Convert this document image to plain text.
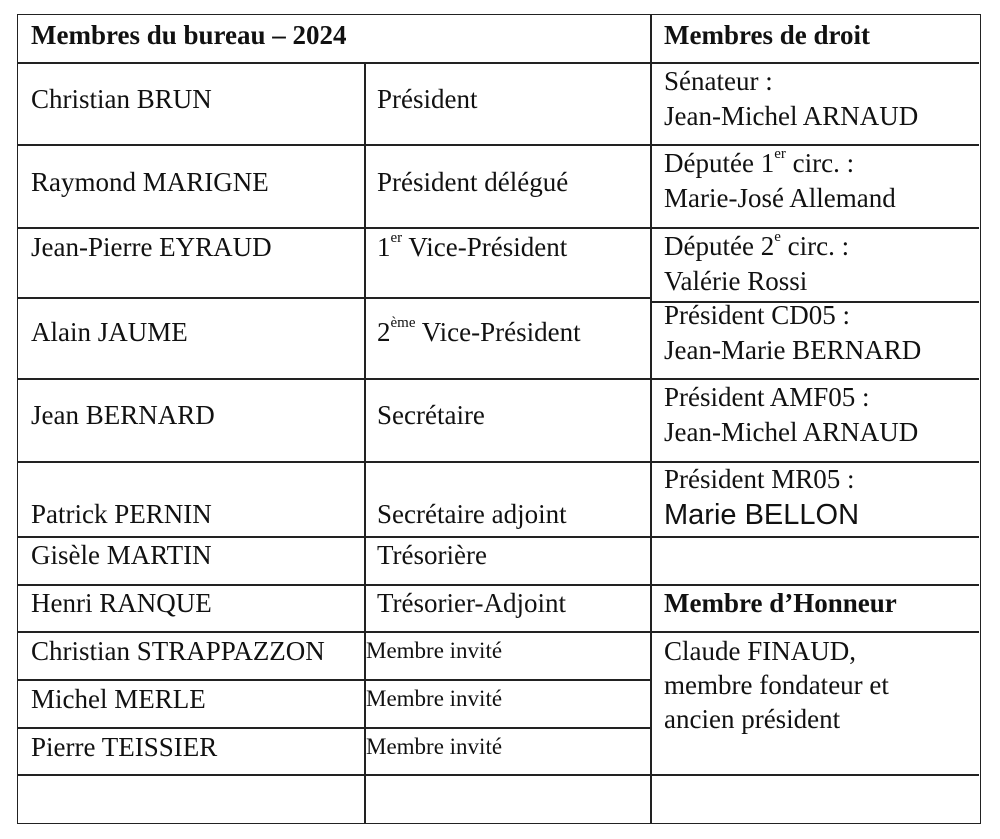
Membres du bureau – 2024	Membres de droit
Christian BRUN
Raymond MARIGNE
Jean-Pierre EYRAUD
Alain JAUME
Jean BERNARD
Patrick PERNIN
Gisèle MARTIN
Henri RANQUE
Christian STRAPPAZZON
Michel MERLE
Pierre TEISSIER
Président
Président délégué
1er Vice-Président
2ème Vice-Président
Secrétaire
Secrétaire adjoint
Trésorière
Trésorier-Adjoint
Membre invité
Membre invité
Membre invité
Sénateur :
Jean-Michel ARNAUD
Députée 1er circ. :
Marie-José Allemand
Députée 2e circ. :
Valérie Rossi
Président CD05 :
Jean-Marie BERNARD
Président AMF05 :
Jean-Michel ARNAUD
Président MR05 :
Marie BELLON
Membre d’Honneur
Claude FINAUD,
membre fondateur et
ancien président
